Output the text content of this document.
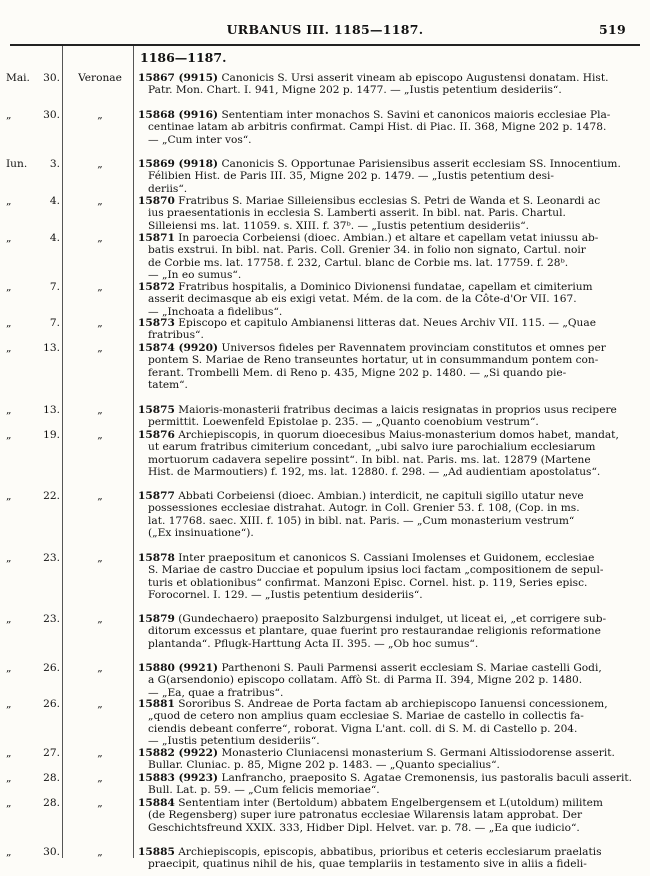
URBANUS III. 1185—1187.	519
1186—1187.
Mai. 30.	Veronae	15867 (9915) Canonicis S. Ursi asserit vineam ab episcopo Augustensi donatam. Hist.
Patr. Mon. Chart. I. 941, Migne 202 p. 1477. — „Iustis petentium desideriis“.
„	30.	„	15868 (9916) Sententiam inter monachos S. Savini et canonicos maioris ecclesiae Pla-
centinae latam ab arbitris confirmat. Campi Hist. di Piac. II. 368, Migne 202 p. 1478.
— „Cum inter vos“.
Iun. 3.	„	15869 (9918) Canonicis S. Opportunae Parisiensibus asserit ecclesiam SS. Innocentium.
Félibien Hist. de Paris III. 35, Migne 202 p. 1479. — „Iustis petentium desi-
deriis“.
„	4.	„	15870 Fratribus S. Mariae Silleiensibus ecclesias S. Petri de Wanda et S. Leonardi ac
ius praesentationis in ecclesia S. Lamberti asserit. In bibl. nat. Paris. Chartul.
Silleiensi ms. lat. 11059. s. XIII. f. 37ᵇ. — „Iustis petentium desideriis“.
„	4.	„	15871 In paroecia Corbeiensi (dioec. Ambian.) et altare et capellam vetat iniussu ab-
batis exstrui. In bibl. nat. Paris. Coll. Grenier 34. in folio non signato, Cartul. noir
de Corbie ms. lat. 17758. f. 232, Cartul. blanc de Corbie ms. lat. 17759. f. 28ᵇ.
— „In eo sumus“.
„	7.	„	15872 Fratribus hospitalis, a Dominico Divionensi fundatae, capellam et cimiterium
asserit decimasque ab eis exigi vetat. Mém. de la com. de la Côte-d'Or VII. 167.
— „Inchoata a fidelibus“.
„	7.	„	15873 Episcopo et capitulo Ambianensi litteras dat. Neues Archiv VII. 115. — „Quae
fratribus“.
„	13.	„	15874 (9920) Universos fideles per Ravennatem provinciam constitutos et omnes per
pontem S. Mariae de Reno transeuntes hortatur, ut in consummandum pontem con-
ferant. Trombelli Mem. di Reno p. 435, Migne 202 p. 1480. — „Si quando pie-
tatem“.
„	13.	„	15875 Maioris-monasterii fratribus decimas a laicis resignatas in proprios usus recipere
permittit. Loewenfeld Epistolae p. 235. — „Quanto coenobium vestrum“.
„	19.	„	15876 Archiepiscopis, in quorum dioecesibus Maius-monasterium domos habet, mandat,
ut earum fratribus cimiterium concedant, „ubi salvo iure parochialium ecclesiarum
mortuorum cadavera sepelire possint“. In bibl. nat. Paris. ms. lat. 12879 (Martene
Hist. de Marmoutiers) f. 192, ms. lat. 12880. f. 298. — „Ad audientiam apostolatus“.
„	22.	„	15877 Abbati Corbeiensi (dioec. Ambian.) interdicit, ne capituli sigillo utatur neve
possessiones ecclesiae distrahat. Autogr. in Coll. Grenier 53. f. 108, (Cop. in ms.
lat. 17768. saec. XIII. f. 105) in bibl. nat. Paris. — „Cum monasterium vestrum“
(„Ex insinuatione“).
„	23.	„	15878 Inter praepositum et canonicos S. Cassiani Imolenses et Guidonem, ecclesiae
S. Mariae de castro Ducciae et populum ipsius loci factam „compositionem de sepul-
turis et oblationibus“ confirmat. Manzoni Episc. Cornel. hist. p. 119, Series episc.
Forocornel. I. 129. — „Iustis petentium desideriis“.
„	23.	„	15879 (Gundechaero) praeposito Salzburgensi indulget, ut liceat ei, „et corrigere sub-
ditorum excessus et plantare, quae fuerint pro restaurandae religionis reformatione
plantanda“. Pflugk-Harttung Acta II. 395. — „Ob hoc sumus“.
„	26.	„	15880 (9921) Parthenoni S. Pauli Parmensi asserit ecclesiam S. Mariae castelli Godi,
a G(arsendonio) episcopo collatam. Affò St. di Parma II. 394, Migne 202 p. 1480.
— „Ea, quae a fratribus“.
„	26.	„	15881 Sororibus S. Andreae de Porta factam ab archiepiscopo Ianuensi concessionem,
„quod de cetero non amplius quam ecclesiae S. Mariae de castello in collectis fa-
ciendis debeant conferre“, roborat. Vigna L'ant. coll. di S. M. di Castello p. 204.
— „Iustis petentium desideriis“.
„	27.	„	15882 (9922) Monasterio Cluniacensi monasterium S. Germani Altissiodorense asserit.
Bullar. Cluniac. p. 85, Migne 202 p. 1483. — „Quanto specialius“.
„	28.	„	15883 (9923) Lanfrancho, praeposito S. Agatae Cremonensis, ius pastoralis baculi asserit.
Bull. Lat. p. 59. — „Cum felicis memoriae“.
„	28.	„	15884 Sententiam inter (Bertoldum) abbatem Engelbergensem et L(utoldum) militem
(de Regensberg) super iure patronatus ecclesiae Wilarensis latam approbat. Der
Geschichtsfreund XXIX. 333, Hidber Dipl. Helvet. var. p. 78. — „Ea que iudicio“.
„	30.	„	15885 Archiepiscopis, episcopis, abbatibus, prioribus et ceteris ecclesiarum praelatis
praecipit, quatinus nihil de his, quae templariis in testamento sive in aliis a fideli-
